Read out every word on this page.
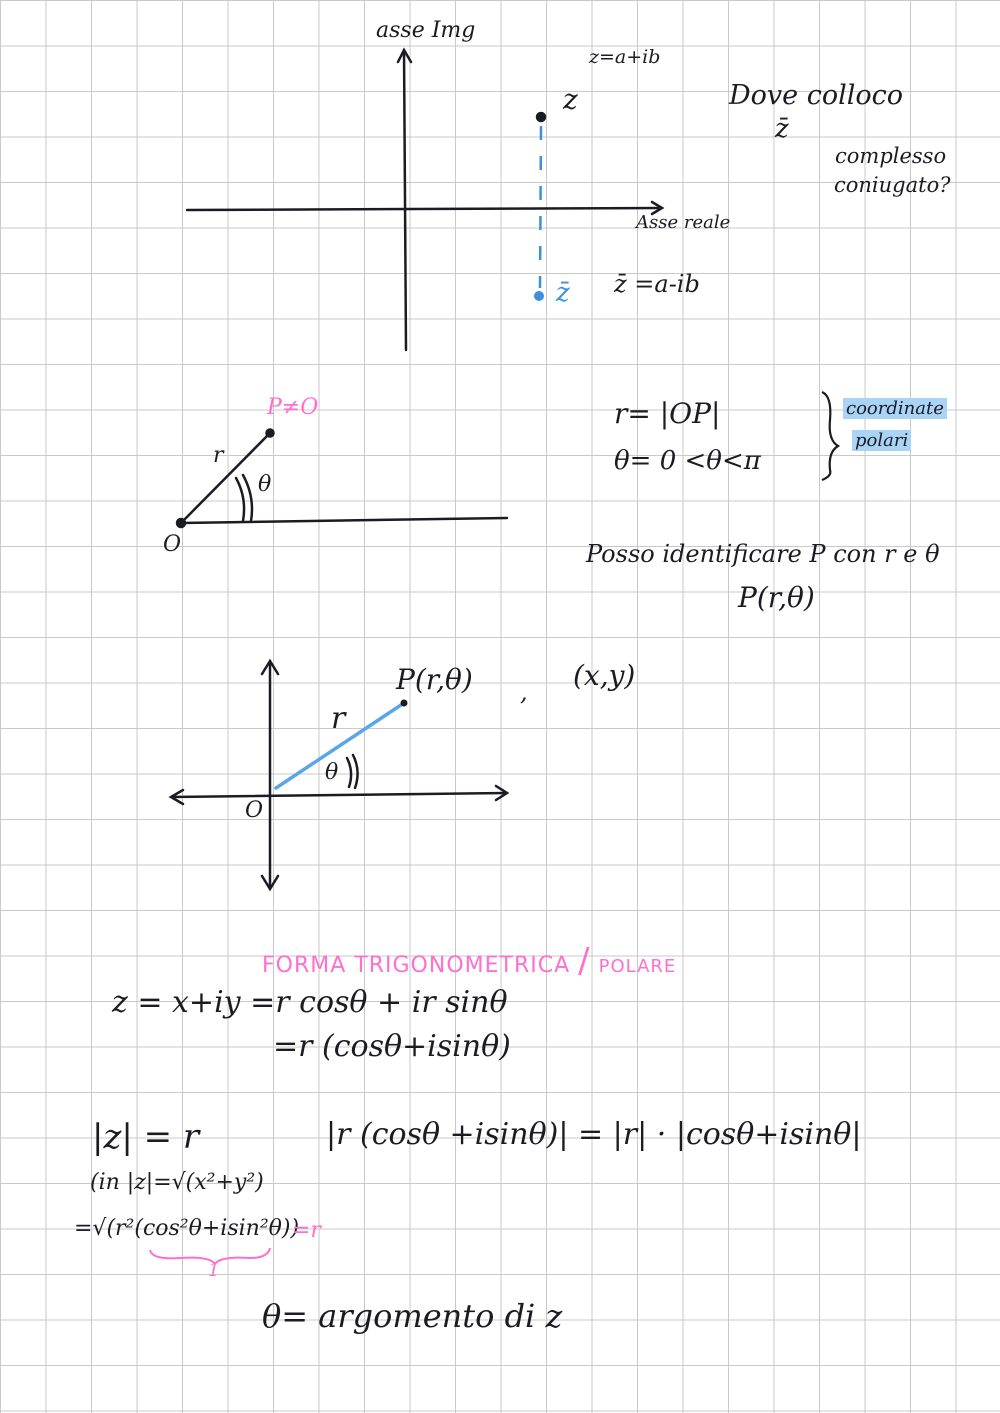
asse Img
z=a+ib
z
Asse reale
z̄ z̄ =a-ib
Dove colloco
z̄
complesso
coniugato?
P≠O
r
θ
O
r= |OP|
θ= 0 <θ<π
coordinate
polari
Posso identificare P con r e θ
P(r,θ)
P(r,θ) , (x,y)
r
θ
O
FORMA TRIGONOMETRICA / POLARE
z = x+iy =r cosθ + ir sinθ
=r (cosθ+isinθ)
|z| = r	|r (cosθ +isinθ)| = |r| · |cosθ+isinθ|
(in |z|=√(x²+y²)
=√(r²(cos²θ+isin²θ))
=r
1
θ= argomento di z
